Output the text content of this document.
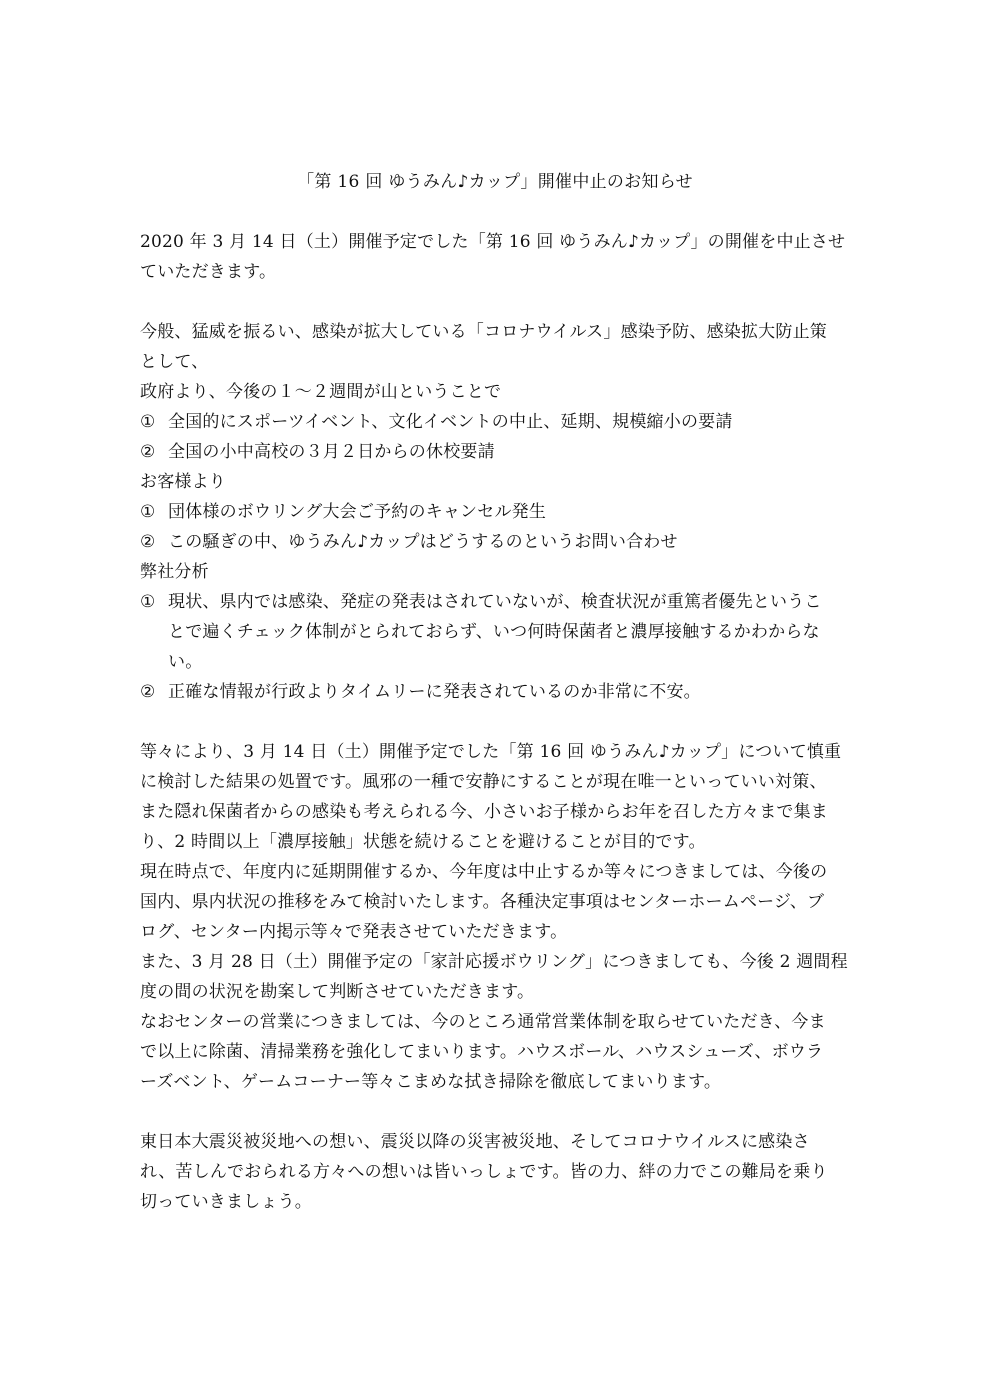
「第 16 回 ゆうみん♪カップ」開催中止のお知らせ
2020 年 3 月 14 日（土）開催予定でした「第 16 回 ゆうみん♪カップ」の開催を中止させ
ていただきます。
今般、猛威を振るい、感染が拡大している「コロナウイルス」感染予防、感染拡大防止策
として、
政府より、今後の１～２週間が山ということで
① 全国的にスポーツイベント、文化イベントの中止、延期、規模縮小の要請
② 全国の小中高校の３月２日からの休校要請
お客様より
① 団体様のボウリング大会ご予約のキャンセル発生
② この騒ぎの中、ゆうみん♪カップはどうするのというお問い合わせ
弊社分析
① 現状、県内では感染、発症の発表はされていないが、検査状況が重篤者優先というこ
とで遍くチェック体制がとられておらず、いつ何時保菌者と濃厚接触するかわからな
い。
② 正確な情報が行政よりタイムリーに発表されているのか非常に不安。
等々により、3 月 14 日（土）開催予定でした「第 16 回 ゆうみん♪カップ」について慎重
に検討した結果の処置です。風邪の一種で安静にすることが現在唯一といっていい対策、
また隠れ保菌者からの感染も考えられる今、小さいお子様からお年を召した方々まで集ま
り、2 時間以上「濃厚接触」状態を続けることを避けることが目的です。
現在時点で、年度内に延期開催するか、今年度は中止するか等々につきましては、今後の
国内、県内状況の推移をみて検討いたします。各種決定事項はセンターホームページ、ブ
ログ、センター内掲示等々で発表させていただきます。
また、3 月 28 日（土）開催予定の「家計応援ボウリング」につきましても、今後 2 週間程
度の間の状況を勘案して判断させていただきます。
なおセンターの営業につきましては、今のところ通常営業体制を取らせていただき、今ま
で以上に除菌、清掃業務を強化してまいります。ハウスボール、ハウスシューズ、ボウラ
ーズベント、ゲームコーナー等々こまめな拭き掃除を徹底してまいります。
東日本大震災被災地への想い、震災以降の災害被災地、そしてコロナウイルスに感染さ
れ、苦しんでおられる方々への想いは皆いっしょです。皆の力、絆の力でこの難局を乗り
切っていきましょう。
